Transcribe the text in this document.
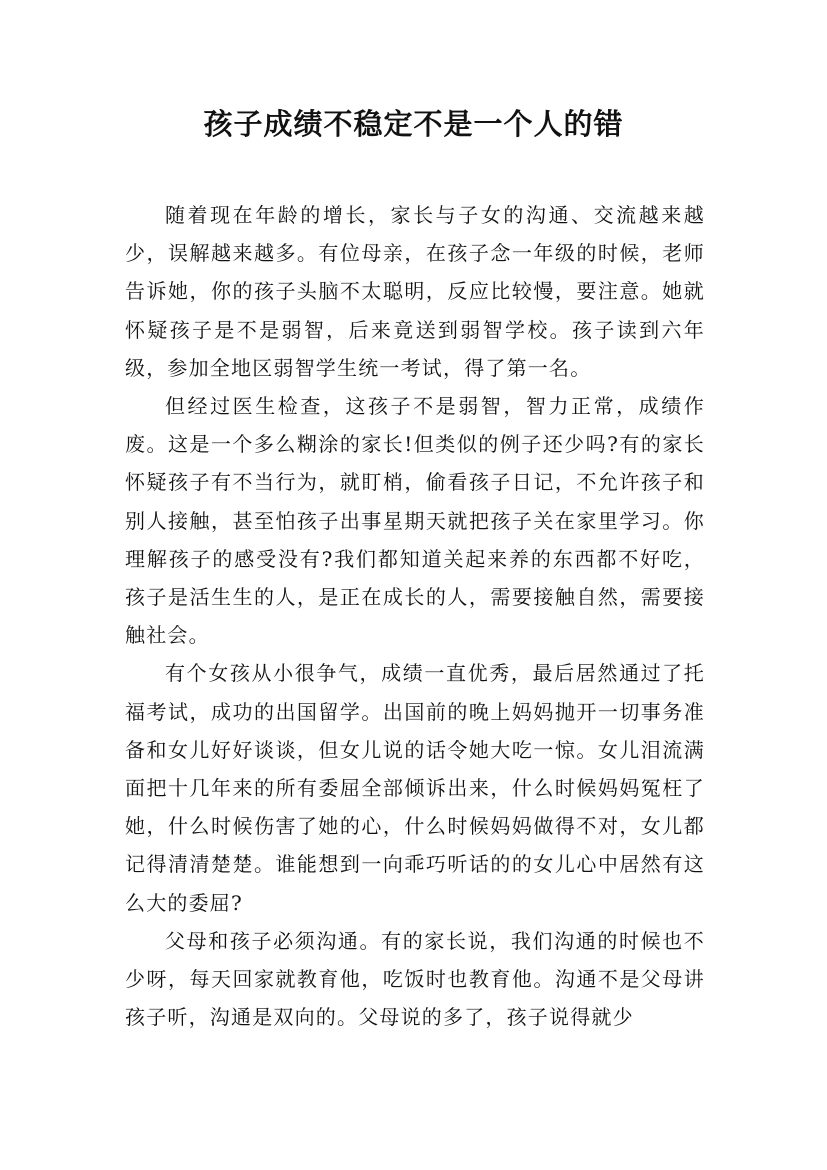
孩子成绩不稳定不是一个人的错

随着现在年龄的增长，家长与子女的沟通、交流越来越少，误解越来越多。有位母亲，在孩子念一年级的时候，老师告诉她，你的孩子头脑不太聪明，反应比较慢，要注意。她就怀疑孩子是不是弱智，后来竟送到弱智学校。孩子读到六年级，参加全地区弱智学生统一考试，得了第一名。

但经过医生检查，这孩子不是弱智，智力正常，成绩作废。这是一个多么糊涂的家长!但类似的例子还少吗?有的家长怀疑孩子有不当行为，就盯梢，偷看孩子日记，不允许孩子和别人接触，甚至怕孩子出事星期天就把孩子关在家里学习。你理解孩子的感受没有?我们都知道关起来养的东西都不好吃，孩子是活生生的人，是正在成长的人，需要接触自然，需要接触社会。

有个女孩从小很争气，成绩一直优秀，最后居然通过了托福考试，成功的出国留学。出国前的晚上妈妈抛开一切事务准备和女儿好好谈谈，但女儿说的话令她大吃一惊。女儿泪流满面把十几年来的所有委屈全部倾诉出来，什么时候妈妈冤枉了她，什么时候伤害了她的心，什么时候妈妈做得不对，女儿都记得清清楚楚。谁能想到一向乖巧听话的的女儿心中居然有这么大的委屈?

父母和孩子必须沟通。有的家长说，我们沟通的时候也不少呀，每天回家就教育他，吃饭时也教育他。沟通不是父母讲孩子听，沟通是双向的。父母说的多了，孩子说得就少
